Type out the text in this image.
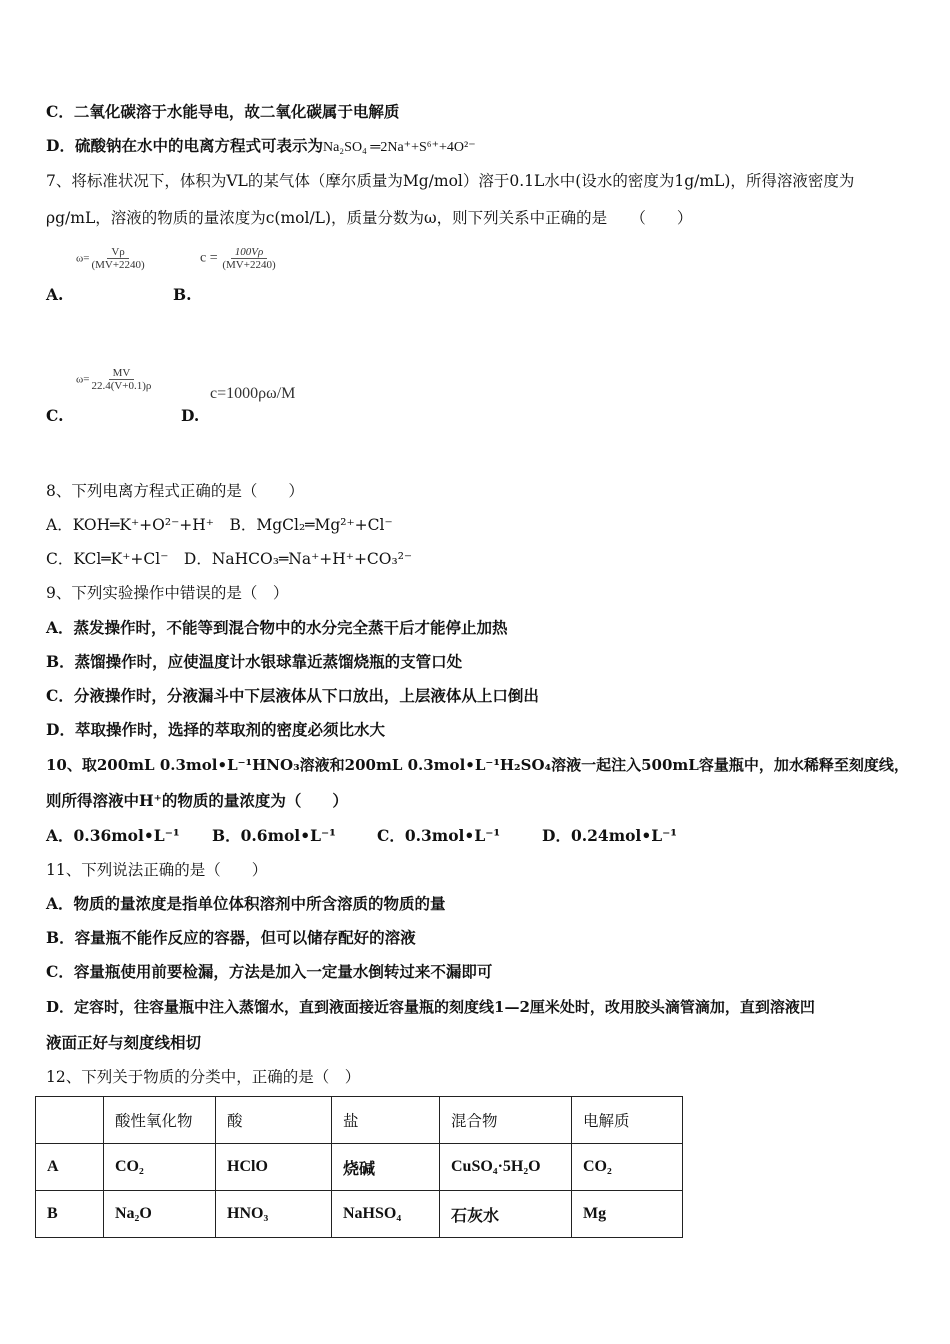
C．二氧化碳溶于水能导电，故二氧化碳属于电解质
D．硫酸钠在水中的电离方程式可表示为Na₂SO₄ ═2Na⁺+S⁶⁺+4O²⁻
7、将标准状况下，体积为VL的某气体（摩尔质量为Mg/mol）溶于0.1L水中(设水的密度为1g/mL)，所得溶液密度为
ρg/mL，溶液的物质的量浓度为c(mol/L)，质量分数为ω，则下列关系中正确的是　　（　　）
$\omega= \frac{V\rho}{(MV+2240)}$	$c = \frac{100V\rho}{(MV+2240)}$
A.	B.
$\omega= \frac{MV}{22.4(V+0.1)\rho}$
c=1000ρω/M
C.	D.
8、下列电离方程式正确的是（　　）
A．KOH═K⁺+O²⁻+H⁺　B．MgCl₂═Mg²⁺+Cl⁻
C．KCl═K⁺+Cl⁻　D．NaHCO₃═Na⁺+H⁺+CO₃²⁻
9、下列实验操作中错误的是（　）
A．蒸发操作时，不能等到混合物中的水分完全蒸干后才能停止加热
B．蒸馏操作时，应使温度计水银球靠近蒸馏烧瓶的支管口处
C．分液操作时，分液漏斗中下层液体从下口放出，上层液体从上口倒出
D．萃取操作时，选择的萃取剂的密度必须比水大
10、取200mL 0.3mol•L⁻¹HNO₃溶液和200mL 0.3mol•L⁻¹H₂SO₄溶液一起注入500mL容量瓶中，加水稀释至刻度线，
则所得溶液中H⁺的物质的量浓度为（　　）
A．0.36mol•L⁻¹ B．0.6mol•L⁻¹	C．0.3mol•L⁻¹	D．0.24mol•L⁻¹
11、下列说法正确的是（　　）
A．物质的量浓度是指单位体积溶剂中所含溶质的物质的量
B．容量瓶不能作反应的容器，但可以储存配好的溶液
C．容量瓶使用前要检漏，方法是加入一定量水倒转过来不漏即可
D．定容时，往容量瓶中注入蒸馏水，直到液面接近容量瓶的刻度线1—2厘米处时，改用胶头滴管滴加，直到溶液凹
液面正好与刻度线相切
12、下列关于物质的分类中，正确的是（　）
	酸性氧化物	酸	盐	混合物	电解质
A	CO₂	HClO	烧碱	CuSO₄·5H₂O	CO₂
B	Na₂O	HNO₃	NaHSO₄	石灰水	Mg
